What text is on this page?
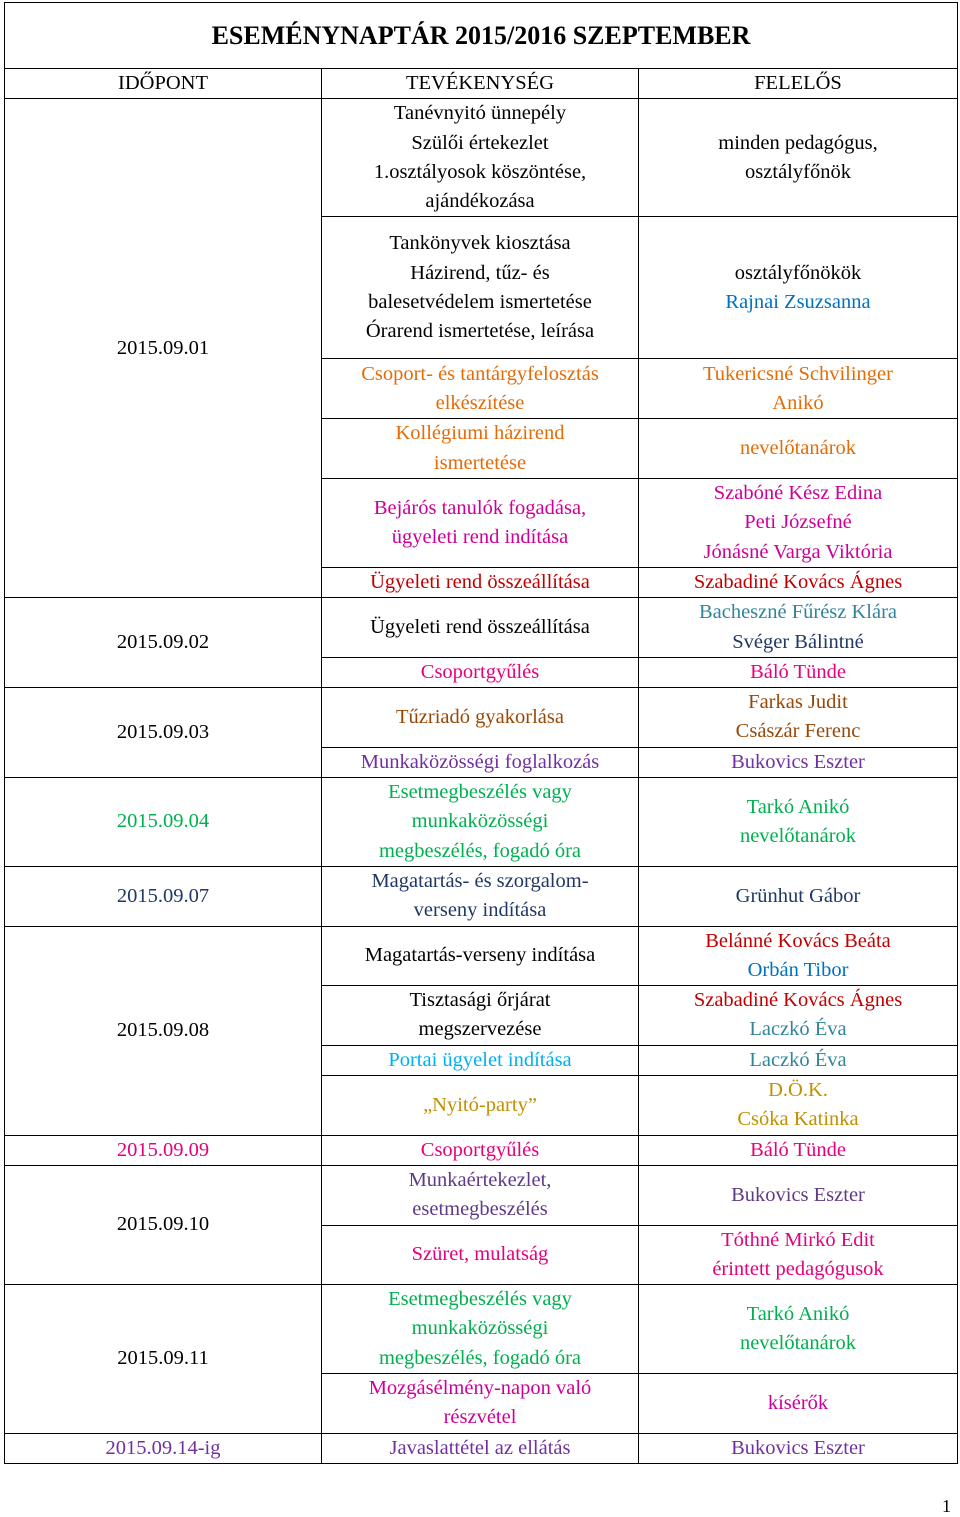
ESEMÉNYNAPTÁR 2015/2016 SZEPTEMBER		
IDŐPONT	TEVÉKENYSÉG	FELELŐS
2015.09.01	Tanévnyitó ünnepély
Szülői értekezlet
1.osztályosok köszöntése,
ajándékozása	minden pedagógus,
osztályfőnök

	Tankönyvek kiosztása
Házirend, tűz- és
balesetvédelem ismertetése
Órarend ismertetése, leírása	osztályfőnökök
Rajnai Zsuzsanna

	Csoport- és tantárgyfelosztás
elkészítése	Tukericsné Schvilinger
Anikó

	Kollégiumi házirend
ismertetése	nevelőtanárok

	Bejárós tanulók fogadása,
ügyeleti rend indítása	Szabóné Kész Edina
Peti Józsefné
Jónásné Varga Viktória

	Ügyeleti rend összeállítása	Szabadiné Kovács Ágnes

2015.09.02	Ügyeleti rend összeállítása	Bacheszné Fűrész Klára
Svéger Bálintné

	Csoportgyűlés	Báló Tünde

2015.09.03	Tűzriadó gyakorlása	Farkas Judit
Császár Ferenc

	Munkaközösségi foglalkozás	Bukovics Eszter

2015.09.04	Esetmegbeszélés vagy
munkaközösségi
megbeszélés, fogadó óra	Tarkó Anikó
nevelőtanárok

2015.09.07	Magatartás- és szorgalom-
verseny indítása	Grünhut Gábor

2015.09.08	Magatartás-verseny indítása	Belánné Kovács Beáta
Orbán Tibor

	Tisztasági őrjárat
megszervezése	Szabadiné Kovács Ágnes
Laczkó Éva

	Portai ügyelet indítása	Laczkó Éva

	„Nyitó-party”	D.Ö.K.
Csóka Katinka

2015.09.09	Csoportgyűlés	Báló Tünde

2015.09.10	Munkaértekezlet,
esetmegbeszélés	Bukovics Eszter

	Szüret, mulatság	Tóthné Mirkó Edit
érintett pedagógusok

2015.09.11	Esetmegbeszélés vagy
munkaközösségi
megbeszélés, fogadó óra	Tarkó Anikó
nevelőtanárok

	Mozgásélmény-napon való
részvétel	kísérők

2015.09.14-ig	Javaslattétel az ellátás	Bukovics Eszter
1
